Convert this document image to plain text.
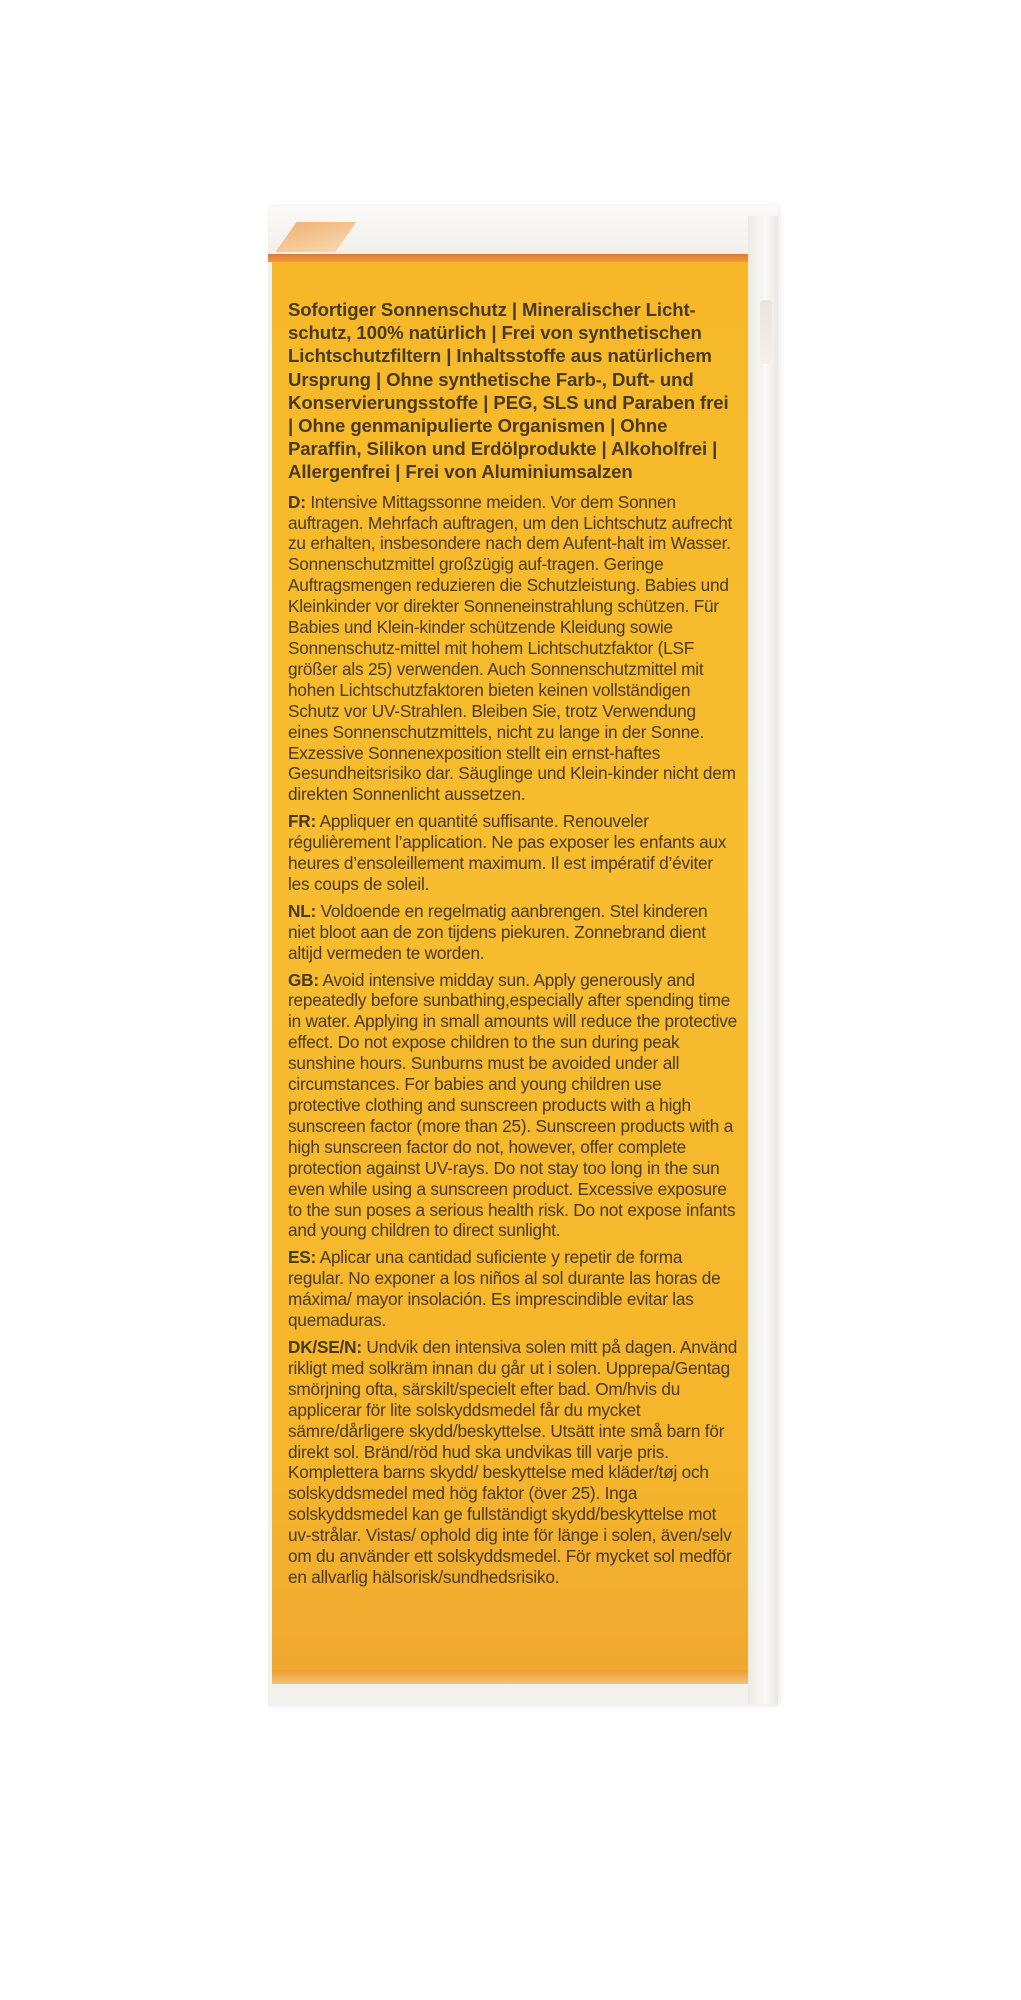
Sofortiger Sonnenschutz | Mineralischer Licht-schutz, 100% natürlich | Frei von synthetischen Lichtschutzfiltern | Inhaltsstoffe aus natürlichem Ursprung | Ohne synthetische Farb-, Duft- und Konservierungsstoffe | PEG, SLS und Paraben frei | Ohne genmanipulierte Organismen | Ohne Paraffin, Silikon und Erdölprodukte | Alkoholfrei | Allergenfrei | Frei von Aluminiumsalzen

D: Intensive Mittagssonne meiden. Vor dem Sonnen auftragen. Mehrfach auftragen, um den Lichtschutz aufrecht zu erhalten, insbesondere nach dem Aufent-halt im Wasser. Sonnenschutzmittel großzügig auf-tragen. Geringe Auftragsmengen reduzieren die Schutzleistung. Babies und Kleinkinder vor direkter Sonneneinstrahlung schützen. Für Babies und Klein-kinder schützende Kleidung sowie Sonnenschutz-mittel mit hohem Lichtschutzfaktor (LSF größer als 25) verwenden. Auch Sonnenschutzmittel mit hohen Lichtschutzfaktoren bieten keinen vollständigen Schutz vor UV-Strahlen. Bleiben Sie, trotz Verwendung eines Sonnenschutzmittels, nicht zu lange in der Sonne. Exzessive Sonnenexposition stellt ein ernst-haftes Gesundheitsrisiko dar. Säuglinge und Klein-kinder nicht dem direkten Sonnenlicht aussetzen.

FR: Appliquer en quantité suffisante. Renouveler régulièrement l’application. Ne pas exposer les enfants aux heures d’ensoleillement maximum. Il est impératif d’éviter les coups de soleil.

NL: Voldoende en regelmatig aanbrengen. Stel kinderen niet bloot aan de zon tijdens piekuren. Zonnebrand dient altijd vermeden te worden.

GB: Avoid intensive midday sun. Apply generously and repeatedly before sunbathing,especially after spending time in water. Applying in small amounts will reduce the protective effect. Do not expose children to the sun during peak sunshine hours. Sunburns must be avoided under all circumstances. For babies and young children use protective clothing and sunscreen products with a high sunscreen factor (more than 25). Sunscreen products with a high sunscreen factor do not, however, offer complete protection against UV-rays. Do not stay too long in the sun even while using a sunscreen product. Excessive exposure to the sun poses a serious health risk. Do not expose infants and young children to direct sunlight.

ES: Aplicar una cantidad suficiente y repetir de forma regular. No exponer a los niños al sol durante las horas de máxima/ mayor insolación. Es imprescindible evitar las quemaduras.

DK/SE/N: Undvik den intensiva solen mitt på dagen. Använd rikligt med solkräm innan du går ut i solen. Upprepa/Gentag smörjning ofta, särskilt/specielt efter bad. Om/hvis du applicerar för lite solskyddsmedel får du mycket sämre/dårligere skydd/beskyttelse. Utsätt inte små barn för direkt sol. Bränd/röd hud ska undvikas till varje pris. Komplettera barns skydd/ beskyttelse med kläder/tøj och solskyddsmedel med hög faktor (över 25). Inga solskyddsmedel kan ge fullständigt skydd/beskyttelse mot uv-strålar. Vistas/ ophold dig inte för länge i solen, även/selv om du använder ett solskyddsmedel. För mycket sol medför en allvarlig hälsorisk/sundhedsrisiko.
